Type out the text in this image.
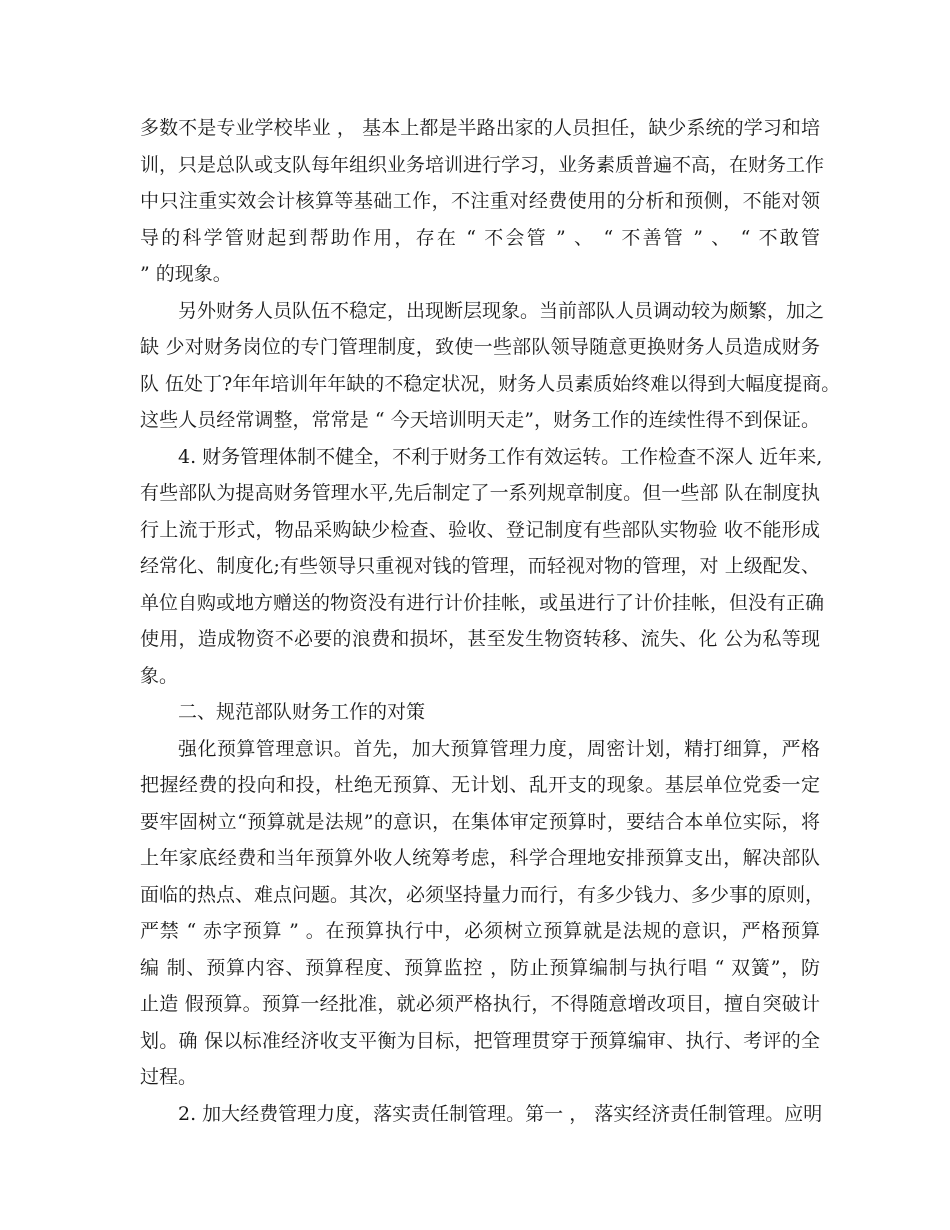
多数不是专业学校毕业 ， 基本上都是半路出家的人员担任，缺少系统的学习和培

训，只是总队或支队每年组织业务培训进行学习，业务素质普遍不高，在财务工作

中只注重实效会计核算等基础工作，不注重对经费使用的分析和预侧，不能对领

导的科学管财起到帮助作用，存在 “ 不会管 ” 、 “ 不善管 ” 、 “ 不敢管

” 的现象。

另外财务人员队伍不稳定，出现断层现象。当前部队人员调动较为颇繁，加之

缺 少对财务岗位的专门管理制度，致使一些部队领导随意更换财务人员造成财务

队 伍处丁?年年培训年年缺的不稳定状况，财务人员素质始终难以得到大幅度提商。

这些人员经常调整，常常是 “ 今天培训明天走”，财务工作的连续性得不到保证。

4. 财务管理体制不健全，不利于财务工作有效运转。工作检查不深人 近年来,

有些部队为提高财务管理水平,先后制定了一系列规章制度。但一些部 队在制度执

行上流于形式，物品采购缺少检查、验收、登记制度有些部队实物验 收不能形成

经常化、制度化;有些领导只重视对钱的管理，而轻视对物的管理，对 上级配发、

单位自购或地方赠送的物资没有进行计价挂帐，或虽进行了计价挂帐，但没有正确

使用，造成物资不必要的浪费和损坏，甚至发生物资转移、流失、化 公为私等现

象。

二、规范部队财务工作的对策

强化预算管理意识。首先，加大预算管理力度，周密计划，精打细算，严格

把握经费的投向和投，杜绝无预算、无计划、乱开支的现象。基层单位党委一定

要牢固树立“预算就是法规”的意识，在集体审定预算时，要结合本单位实际，将

上年家底经费和当年预算外收人统筹考虑，科学合理地安排预算支出，解决部队

面临的热点、难点问题。其次，必须坚持量力而行，有多少钱力、多少事的原则，

严禁 “ 赤字预算 ” 。在预算执行中，必须树立预算就是法规的意识，严格预算

编 制、预算内容、预算程度、预算监控 ，防止预算编制与执行唱 “ 双簧”，防

止造 假预算。预算一经批准，就必须严格执行，不得随意增改项目，擅自突破计

划。确 保以标准经济收支平衡为目标，把管理贯穿于预算编审、执行、考评的全

过程。

2. 加大经费管理力度，落实责任制管理。第一 ， 落实经济责任制管理。应明
